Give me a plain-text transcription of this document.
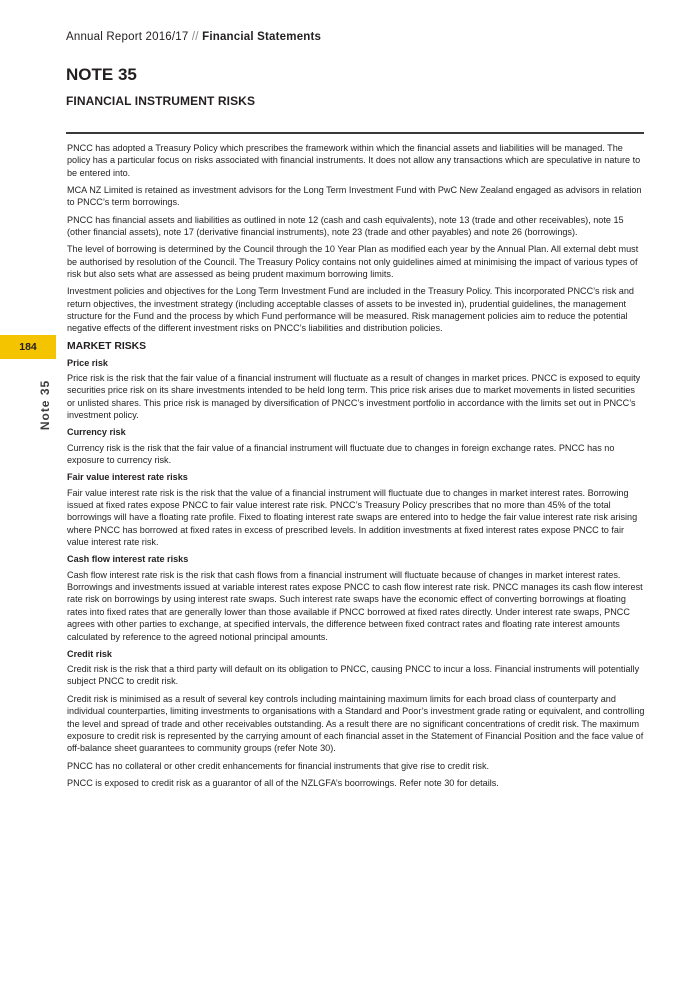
Annual Report 2016/17 // Financial Statements
NOTE 35
FINANCIAL INSTRUMENT RISKS
184
Note 35

PNCC has adopted a Treasury Policy which prescribes the framework within which the financial assets and liabilities will be managed. The policy has a particular focus on risks associated with financial instruments. It does not allow any transactions which are speculative in nature to be entered into.

MCA NZ Limited is retained as investment advisors for the Long Term Investment Fund with PwC New Zealand engaged as advisors in relation to PNCC’s term borrowings.

PNCC has financial assets and liabilities as outlined in note 12 (cash and cash equivalents), note 13 (trade and other receivables), note 15 (other financial assets), note 17 (derivative financial instruments), note 23 (trade and other payables) and note 26 (borrowings).

The level of borrowing is determined by the Council through the 10 Year Plan as modified each year by the Annual Plan. All external debt must be authorised by resolution of the Council. The Treasury Policy contains not only guidelines aimed at minimising the impact of various types of risk but also sets what are assessed as being prudent maximum borrowing limits.

Investment policies and objectives for the Long Term Investment Fund are included in the Treasury Policy. This incorporated PNCC’s risk and return objectives, the investment strategy (including acceptable classes of assets to be invested in), prudential guidelines, the management structure for the Fund and the process by which Fund performance will be measured. Risk management policies aim to reduce the potential negative effects of the different investment risks on PNCC’s liabilities and distribution policies.

MARKET RISKS
Price risk

Price risk is the risk that the fair value of a financial instrument will fluctuate as a result of changes in market prices. PNCC is exposed to equity securities price risk on its share investments intended to be held long term. This price risk arises due to market movements in listed securities or unlisted shares. This price risk is managed by diversification of PNCC’s investment portfolio in accordance with the limits set out in PNCC’s investment policy.

Currency risk

Currency risk is the risk that the fair value of a financial instrument will fluctuate due to changes in foreign exchange rates. PNCC has no exposure to currency risk.

Fair value interest rate risks

Fair value interest rate risk is the risk that the value of a financial instrument will fluctuate due to changes in market interest rates. Borrowing issued at fixed rates expose PNCC to fair value interest rate risk. PNCC’s Treasury Policy prescribes that no more than 45% of the total borrowings will have a floating rate profile. Fixed to floating interest rate swaps are entered into to hedge the fair value interest rate risk arising where PNCC has borrowed at fixed rates in excess of prescribed levels. In addition investments at fixed interest rates expose PNCC to fair value interest rate risk.

Cash flow interest rate risks

Cash flow interest rate risk is the risk that cash flows from a financial instrument will fluctuate because of changes in market interest rates. Borrowings and investments issued at variable interest rates expose PNCC to cash flow interest rate risk. PNCC manages its cash flow interest rate risk on borrowings by using interest rate swaps. Such interest rate swaps have the economic effect of converting borrowings at floating rates into fixed rates that are generally lower than those available if PNCC borrowed at fixed rates directly. Under interest rate swaps, PNCC agrees with other parties to exchange, at specified intervals, the difference between fixed contract rates and floating rate interest amounts calculated by reference to the agreed notional principal amounts.

Credit risk

Credit risk is the risk that a third party will default on its obligation to PNCC, causing PNCC to incur a loss. Financial instruments will potentially subject PNCC to credit risk.

Credit risk is minimised as a result of several key controls including maintaining maximum limits for each broad class of counterparty and individual counterparties, limiting investments to organisations with a Standard and Poor’s investment grade rating or equivalent, and controlling the level and spread of trade and other receivables outstanding. As a result there are no significant concentrations of credit risk. The maximum exposure to credit risk is represented by the carrying amount of each financial asset in the Statement of Financial Position and the face value of off-balance sheet guarantees to community groups (refer Note 30).

PNCC has no collateral or other credit enhancements for financial instruments that give rise to credit risk.

PNCC is exposed to credit risk as a guarantor of all of the NZLGFA’s boorrowings. Refer note 30 for details.
